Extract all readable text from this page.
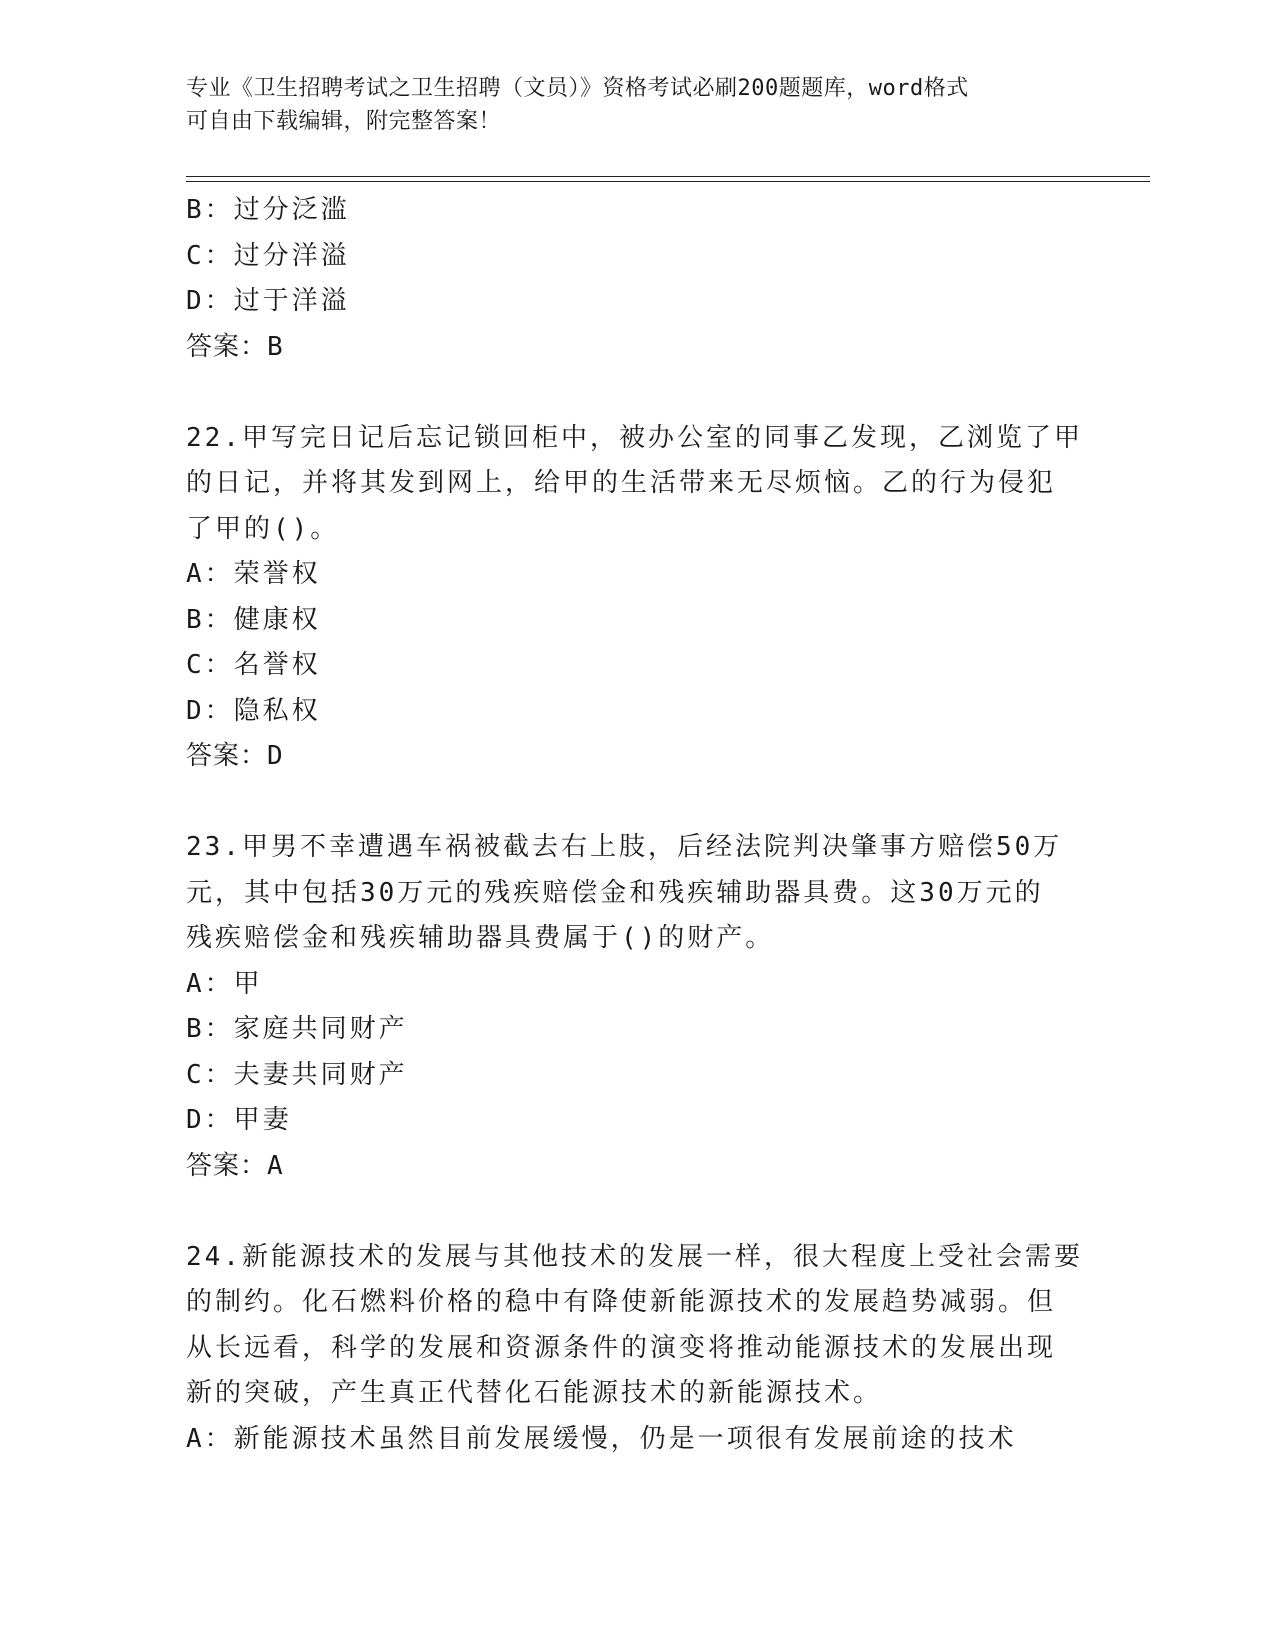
专业《卫生招聘考试之卫生招聘（文员）》资格考试必刷200题题库，word格式
可自由下载编辑，附完整答案！
B：过分泛滥
C：过分洋溢
D：过于洋溢
答案：B
22.甲写完日记后忘记锁回柜中，被办公室的同事乙发现，乙浏览了甲
的日记，并将其发到网上，给甲的生活带来无尽烦恼。乙的行为侵犯
了甲的()。
A：荣誉权
B：健康权
C：名誉权
D：隐私权
答案：D
23.甲男不幸遭遇车祸被截去右上肢，后经法院判决肇事方赔偿50万
元，其中包括30万元的残疾赔偿金和残疾辅助器具费。这30万元的
残疾赔偿金和残疾辅助器具费属于()的财产。
A：甲
B：家庭共同财产
C：夫妻共同财产
D：甲妻
答案：A
24.新能源技术的发展与其他技术的发展一样，很大程度上受社会需要
的制约。化石燃料价格的稳中有降使新能源技术的发展趋势减弱。但
从长远看，科学的发展和资源条件的演变将推动能源技术的发展出现
新的突破，产生真正代替化石能源技术的新能源技术。
A：新能源技术虽然目前发展缓慢，仍是一项很有发展前途的技术
